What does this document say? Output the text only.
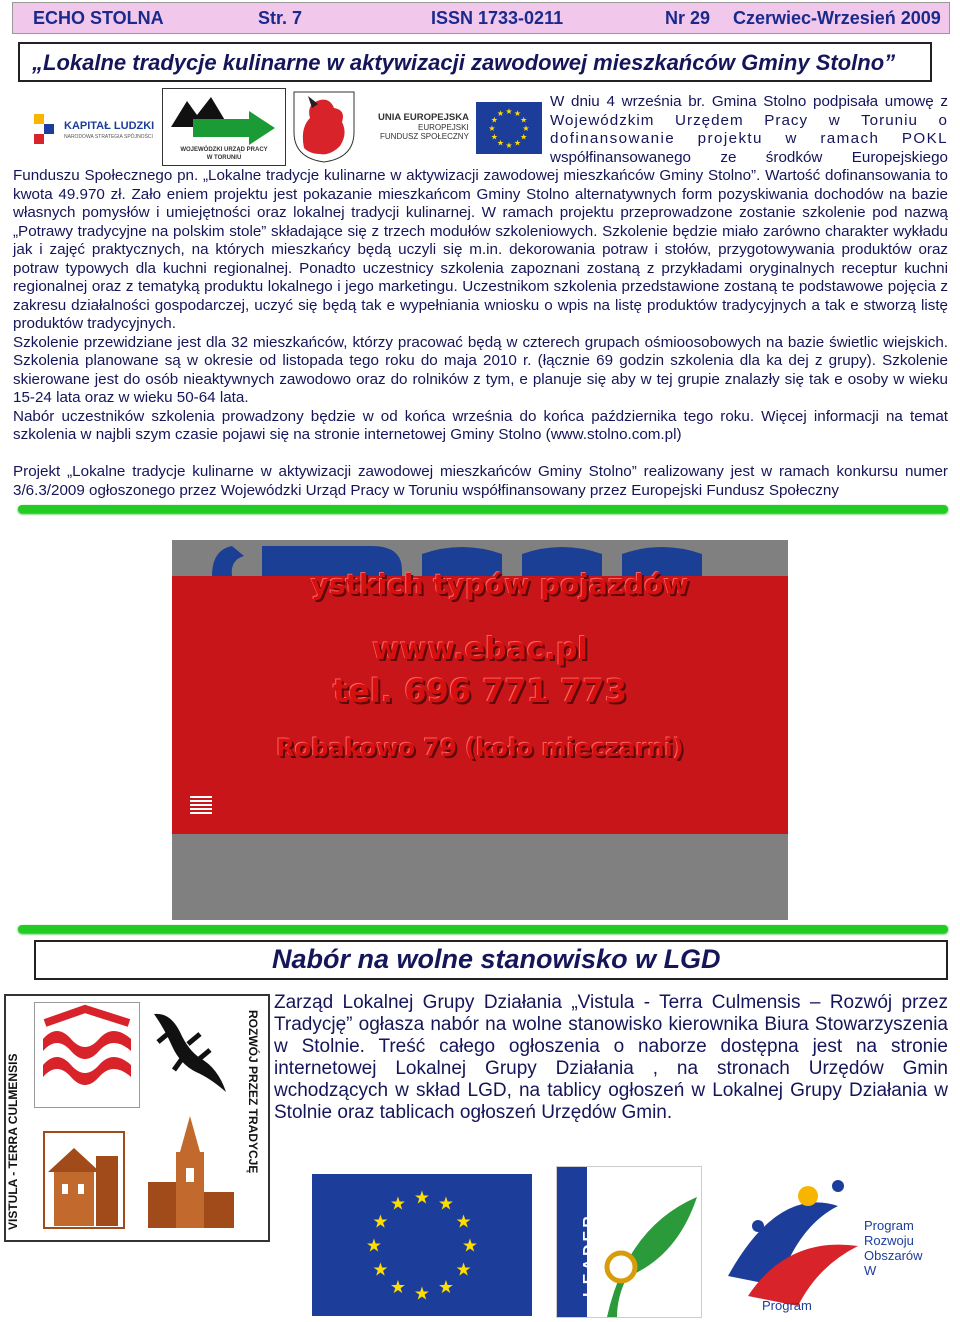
ECHO STOLNA	Str. 7	ISSN 1733-0211	Nr 29 Czerwiec-Wrzesień 2009
„Lokalne tradycje kulinarne w aktywizacji zawodowej mieszkańców Gminy Stolno”
KAPITAŁ LUDZKI
NARODOWA STRATEGIA SPÓJNOŚCI
WOJEWÓDZKI URZĄD PRACY
W TORUNIU
UNIA EUROPEJSKA
EUROPEJSKI
FUNDUSZ SPOŁECZNY
★
★
★
★
★
★
★
★
★ ★ ★
★
W dniu 4 września br. Gmina Stolno podpisała umowę z
Wojewódzkim Urzędem Pracy w Toruniu o
dofinansowanie projektu w ramach POKL
współfinansowanego ze środków Europejskiego

Funduszu Społecznego pn. „Lokalne tradycje kulinarne w aktywizacji zawodowej mieszkańców Gminy Stolno”. Wartość dofinansowania to kwota 49.970 zł. Zało eniem projektu jest pokazanie mieszkańcom Gminy Stolno alternatywnych form pozyskiwania dochodów na bazie własnych pomysłów i umiejętności oraz lokalnej tradycji kulinarnej. W ramach projektu przeprowadzone zostanie szkolenie pod nazwą „Potrawy tradycyjne na polskim stole” składające się z trzech modułów szkoleniowych. Szkolenie będzie miało zarówno charakter wykładu jak i zajęć praktycznych, na których mieszkańcy będą uczyli się m.in. dekorowania potraw i stołów, przygotowywania produktów oraz potraw typowych dla kuchni regionalnej. Ponadto uczestnicy szkolenia zapoznani zostaną z przykładami oryginalnych receptur kuchni regionalnej oraz z tematyką produktu lokalnego i jego marketingu. Uczestnikom szkolenia przedstawione zostaną te podstawowe pojęcia z zakresu działalności gospodarczej, uczyć się będą tak e wypełniania wniosku o wpis na listę produktów tradycyjnych a tak e stworzą listę produktów tradycyjnych.

Szkolenie przewidziane jest dla 32 mieszkańców, którzy pracować będą w czterech grupach ośmioosobowych na bazie świetlic wiejskich. Szkolenia planowane są w okresie od listopada tego roku do maja 2010 r. (łącznie 69 godzin szkolenia dla ka dej z grupy). Szkolenie skierowane jest do osób nieaktywnych zawodowo oraz do rolników z tym, e planuje się aby w tej grupie znalazły się tak e osoby w wieku 15-24 lata oraz w wieku 50-64 lata.

Nabór uczestników szkolenia prowadzony będzie w od końca września do końca października tego roku. Więcej informacji na temat szkolenia w najbli szym czasie pojawi się na stronie internetowej Gminy Stolno (www.stolno.com.pl)

Projekt „Lokalne tradycje kulinarne w aktywizacji zawodowej mieszkańców Gminy Stolno” realizowany jest w ramach konkursu numer 3/6.3/2009 ogłoszonego przez Wojewódzki Urząd Pracy w Toruniu współfinansowany przez Europejski Fundusz Społeczny
ystkich typów pojazdów
www.ebac.pl
tel. 696 771 773
Robakowo 79 (koło mieczarni)
Nabór na wolne stanowisko w LGD
VISTULA - TERRA CULMENSIS	ROZWÓJ PRZEZ TRADYCJĘ
Zarząd Lokalnej Grupy Działania „Vistula - Terra Culmensis – Rozwój przez Tradycję” ogłasza nabór na wolne stanowisko kierownika Biura Stowarzyszenia w Stolnie. Treść całego ogłoszenia o naborze dostępna jest na stronie internetowej Lokalnej Grupy Działania , na stronach Urzędów Gmin wchodzących w skład LGD, na tablicy ogłoszeń w Lokalnej Grupy Działania w Stolnie oraz tablicach ogłoszeń Urzędów Gmin.
★
★
★
★
★
★
★
★
★ ★ ★
★	LEADER	Program
Rozwoju
Obszarów
W
Program
